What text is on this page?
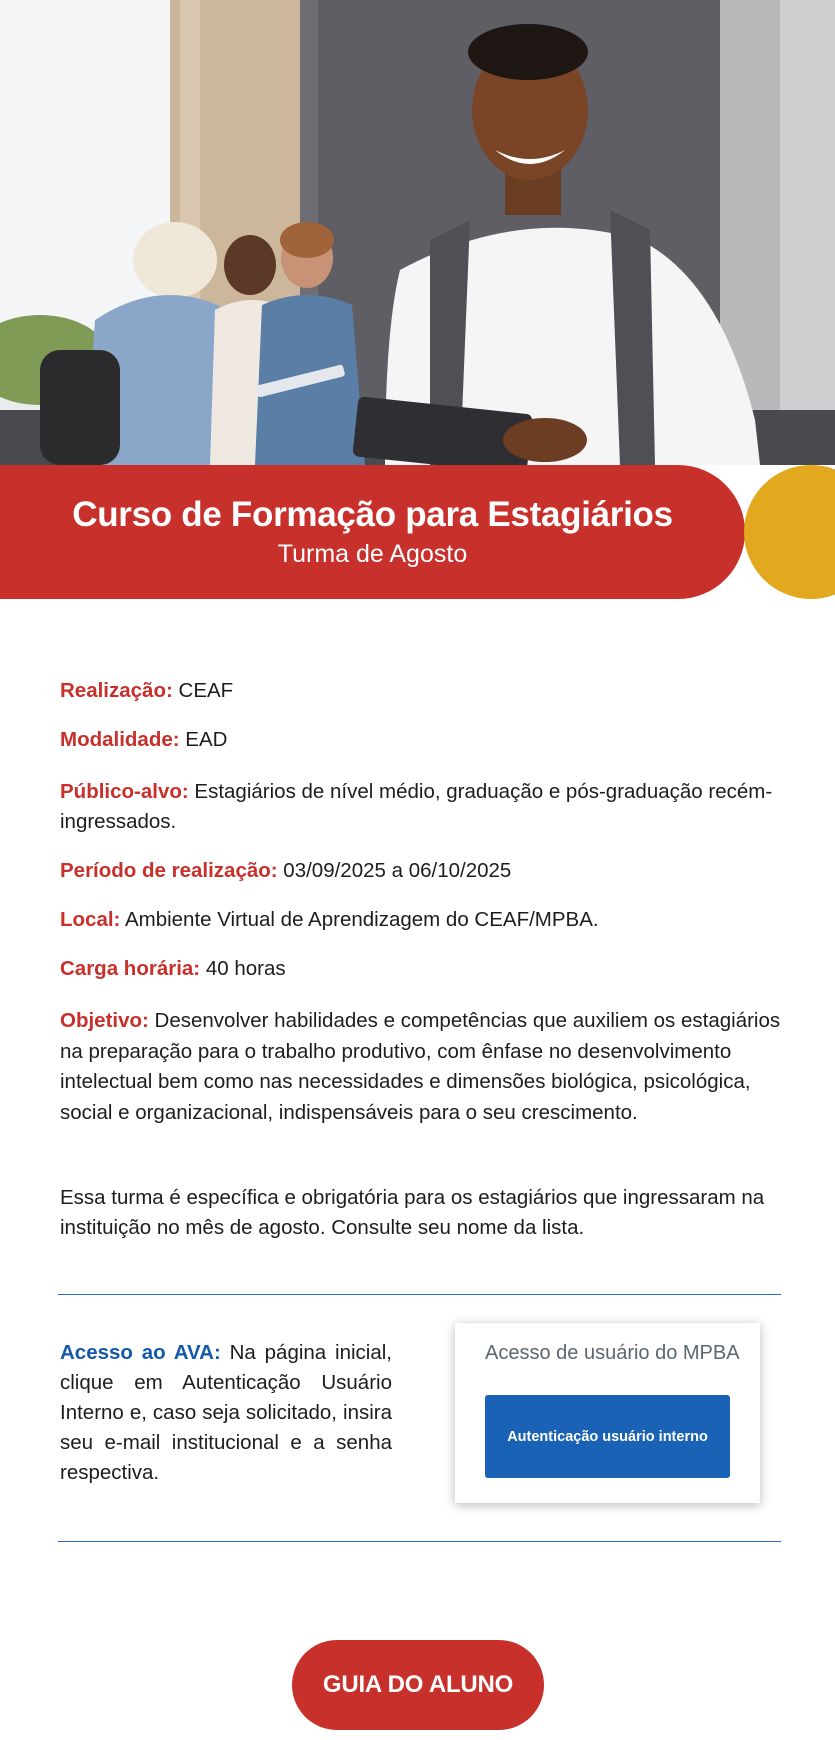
Curso de Formação para Estagiários
Turma de Agosto

Realização: CEAF

Modalidade: EAD

Público-alvo: Estagiários de nível médio, graduação e pós-graduação recém-ingressados.

Período de realização: 03/09/2025 a 06/10/2025

Local: Ambiente Virtual de Aprendizagem do CEAF/MPBA.

Carga horária: 40 horas

Objetivo: Desenvolver habilidades e competências que auxiliem os estagiários na preparação para o trabalho produtivo, com ênfase no desenvolvimento intelectual bem como nas necessidades e dimensões biológica, psicológica, social e organizacional, indispensáveis para o seu crescimento.

Essa turma é específica e obrigatória para os estagiários que ingressaram na instituição no mês de agosto. Consulte seu nome da lista.

Acesso ao AVA: Na página inicial, clique em Autenticação Usuário Interno e, caso seja solicitado, insira seu e-mail institucional e a senha respectiva.
Acesso de usuário do MPBA
Autenticação usuário interno
GUIA DO ALUNO
